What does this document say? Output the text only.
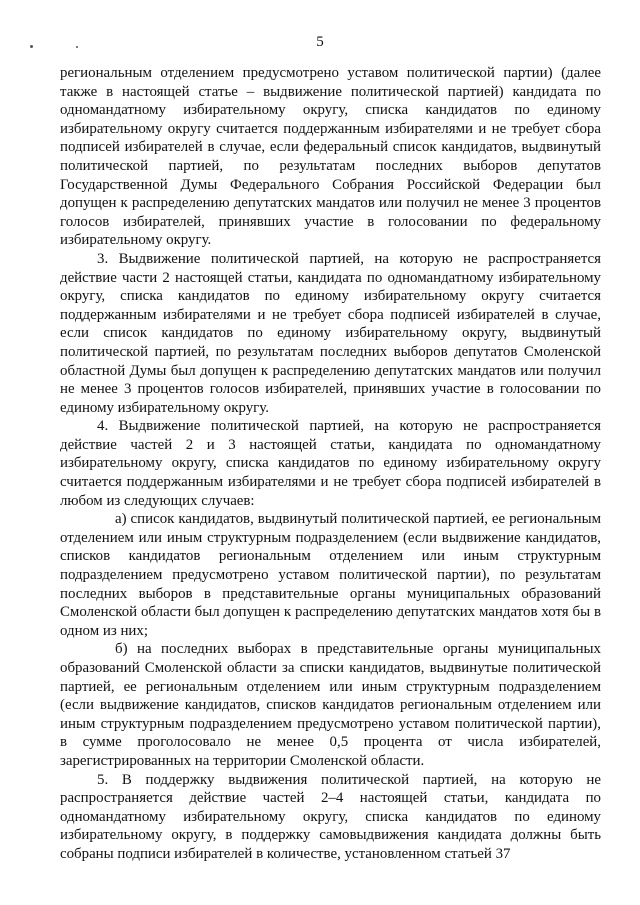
5

региональным отделением предусмотрено уставом политической партии) (далее также в настоящей статье – выдвижение политической партией) кандидата по одномандатному избирательному округу, списка кандидатов по единому избирательному округу считается поддержанным избирателями и не требует сбора подписей избирателей в случае, если федеральный список кандидатов, выдвинутый политической партией, по результатам последних выборов депутатов Государственной Думы Федерального Собрания Российской Федерации был допущен к распределению депутатских мандатов или получил не менее 3 процентов голосов избирателей, принявших участие в голосовании по федеральному избирательному округу.

3. Выдвижение политической партией, на которую не распространяется действие части 2 настоящей статьи, кандидата по одномандатному избирательному округу, списка кандидатов по единому избирательному округу считается поддержанным избирателями и не требует сбора подписей избирателей в случае, если список кандидатов по единому избирательному округу, выдвинутый политической партией, по результатам последних выборов депутатов Смоленской областной Думы был допущен к распределению депутатских мандатов или получил не менее 3 процентов голосов избирателей, принявших участие в голосовании по единому избирательному округу.

4. Выдвижение политической партией, на которую не распространяется действие частей 2 и 3 настоящей статьи, кандидата по одномандатному избирательному округу, списка кандидатов по единому избирательному округу считается поддержанным избирателями и не требует сбора подписей избирателей в любом из следующих случаев:

а) список кандидатов, выдвинутый политической партией, ее региональным отделением или иным структурным подразделением (если выдвижение кандидатов, списков кандидатов региональным отделением или иным структурным подразделением предусмотрено уставом политической партии), по результатам последних выборов в представительные органы муниципальных образований Смоленской области был допущен к распределению депутатских мандатов хотя бы в одном из них;

б) на последних выборах в представительные органы муниципальных образований Смоленской области за списки кандидатов, выдвинутые политической партией, ее региональным отделением или иным структурным подразделением (если выдвижение кандидатов, списков кандидатов региональным отделением или иным структурным подразделением предусмотрено уставом политической партии), в сумме проголосовало не менее 0,5 процента от числа избирателей, зарегистрированных на территории Смоленской области.

5. В поддержку выдвижения политической партией, на которую не распространяется действие частей 2–4 настоящей статьи, кандидата по одномандатному избирательному округу, списка кандидатов по единому избирательному округу, в поддержку самовыдвижения кандидата должны быть собраны подписи избирателей в количестве, установленном статьей 37
